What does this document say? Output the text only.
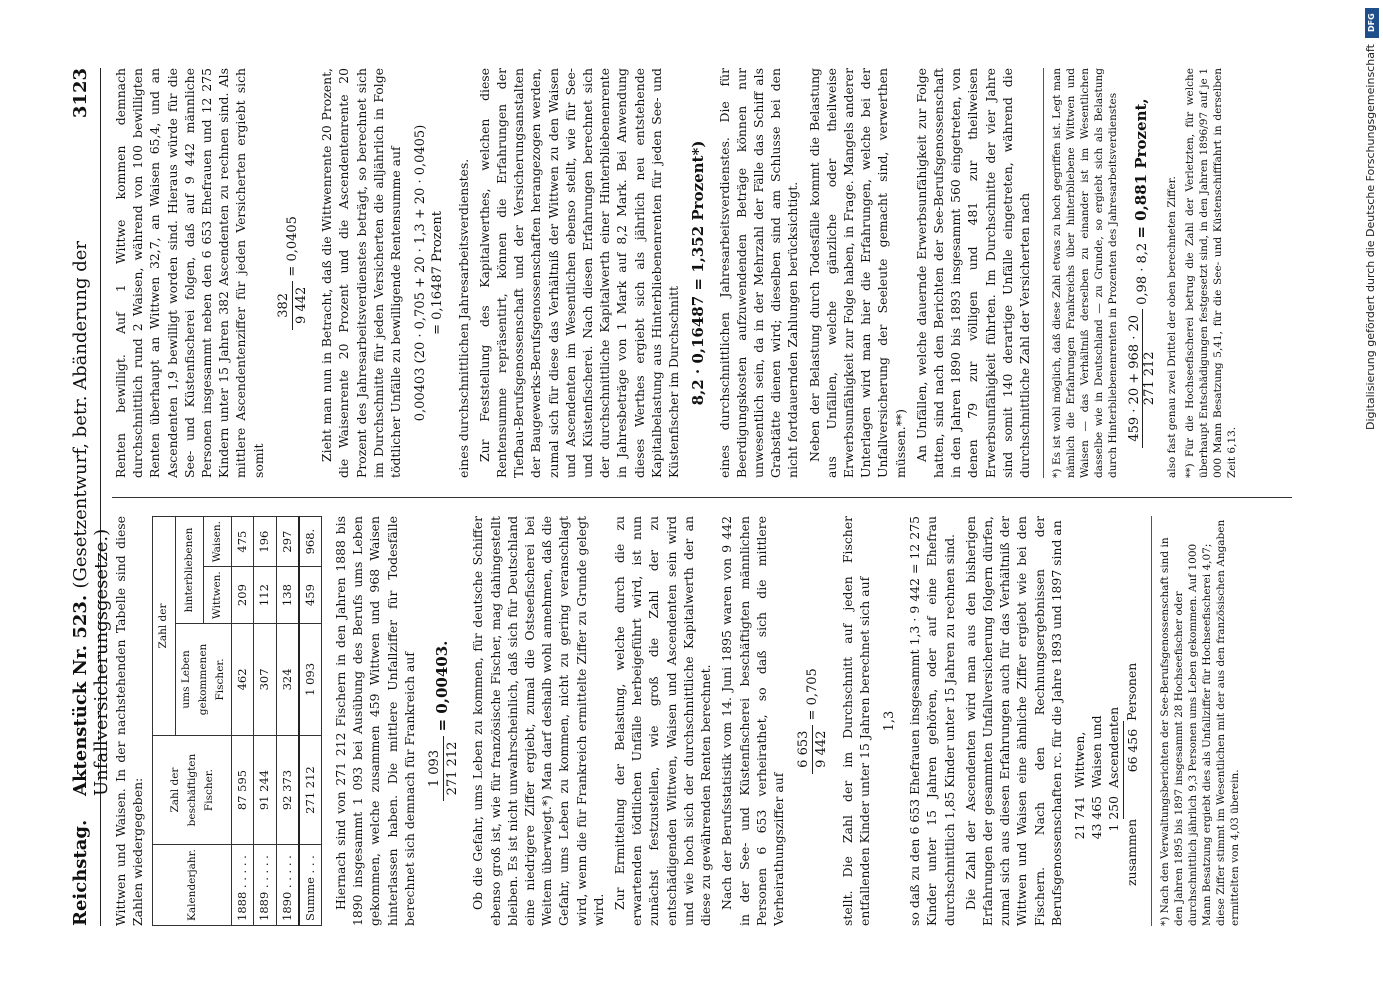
Reichstag.
Aktenstück Nr. 523. (Gesetzentwurf, betr. Abänderung der Unfallversicherungsgesetze.)
3123

Wittwen und Waisen. In der nachstehenden Tabelle sind diese Zahlen wiedergegeben:	Kalenderjahr.	Zahl der beschäftigten Fischer.	Zahl der		
		ums Leben gekommenen Fischer.	hinterbliebenen	
			Wittwen.	Waisen.
1888 . . . . .	87 595	462	209	475
1889 . . . . .	91 244	307	112	196
1890 . . . . .	92 373	324	138	297
Summe . . .	271 212	1 093	459	968. Hiernach sind von 271 212 Fischern in den Jahren 1888 bis 1890 insgesammt 1 093 bei Ausübung des Berufs ums Leben gekommen, welche zusammen 459 Wittwen und 968 Waisen hinterlassen haben. Die mittlere Unfallziffer für Todesfälle berechnet sich demnach für Frankreich auf 1 093 271 212
= 0,00403.	Ob die Gefahr, ums Leben zu kommen, für deutsche Schiffer ebenso groß ist, wie für französische Fischer, mag dahingestellt bleiben. Es ist nicht unwahrscheinlich, daß sich für Deutschland eine niedrigere Ziffer ergiebt, zumal die Ostseefischerei bei Weitem überwiegt.*) Man darf deshalb wohl annehmen, daß die Gefahr, ums Leben zu kommen, nicht zu gering veranschlagt wird, wenn die für Frankreich ermittelte Ziffer zu Grunde gelegt wird. Zur Ermittelung der Belastung, welche durch die zu erwartenden tödtlichen Unfälle herbeigeführt wird, ist nun zunächst festzustellen, wie groß die Zahl der zu entschädigenden Wittwen, Waisen und Ascendenten sein wird und wie hoch sich der durchschnittliche Kapitalwerth der an diese zu gewährenden Renten berechnet. Nach der Berufsstatistik vom 14. Juni 1895 waren von 9 442 in der See- und Küstenfischerei beschäftigten männlichen Personen 6 653 verheirathet, so daß sich die mittlere Verheirathungsziffer auf

6 653 9 442
= 0,705	stellt. Die Zahl der im Durchschnitt auf jeden Fischer entfallenden Kinder unter 15 Jahren berechnet sich auf 1,3 so daß zu den 6 653 Ehefrauen insgesammt 1,3 · 9 442 = 12 275 Kinder unter 15 Jahren gehören, oder auf eine Ehefrau durchschnittlich 1,85 Kinder unter 15 Jahren zu rechnen sind. Die Zahl der Ascendenten wird man aus den bisherigen Erfahrungen der gesammten Unfallversicherung folgern dürfen, zumal sich aus diesen Erfahrungen auch für das Verhältniß der Wittwen und Waisen eine ähnliche Ziffer ergiebt wie bei den Fischern. Nach den Rechnungsergebnissen der Berufsgenossenschaften rc. für die Jahre 1893 und 1897 sind an 21 741
Wittwen,
43 465
Waisen und
1 250
Ascendenten
zusammen
66 456
Personen	*) Nach den Verwaltungsberichten der See-Berufsgenossenschaft sind in den Jahren 1895 bis 1897 insgesammt 28 Hochseefischer oder durchschnittlich jährlich 9,3 Personen ums Leben gekommen. Auf 1000 Mann Besatzung ergiebt dies als Unfallziffer für Hochseefischerei 4,07; diese Ziffer stimmt im Wesentlichen mit der aus den französischen Angaben ermittelten von 4,03 überein.

Renten bewilligt. Auf 1 Wittwe kommen demnach durchschnittlich rund 2 Waisen, während von 100 bewilligten Renten überhaupt an Wittwen 32,7, an Waisen 65,4, und an Ascendenten 1,9 bewilligt worden sind. Hieraus würde für die See- und Küstenfischerei folgen, daß auf 9 442 männliche Personen insgesammt neben den 6 653 Ehefrauen und 12 275 Kindern unter 15 Jahren 382 Ascendenten zu rechnen sind. Als mittlere Ascendentenziffer für jeden Versicherten ergiebt sich somit

382 9 442
= 0,0405	Zieht man nun in Betracht, daß die Wittwenrente 20 Prozent, die Waisenrente 20 Prozent und die Ascendentenrente 20 Prozent des Jahresarbeitsverdienstes beträgt, so berechnet sich im Durchschnitte für jeden Versicherten die alljährlich in Folge tödtlicher Unfälle zu bewilligende Rentensumme auf 0,00403 (20 · 0,705 + 20 · 1,3 + 20 · 0,0405) = 0,16487 Prozent eines durchschnittlichen Jahresarbeitsverdienstes. Zur Feststellung des Kapitalwerthes, welchen diese Rentensumme repräsentirt, können die Erfahrungen der Tiefbau-Berufsgenossenschaft und der Versicherungsanstalten der Baugewerks-Berufsgenossenschaften herangezogen werden, zumal sich für diese das Verhältniß der Wittwen zu den Waisen und Ascendenten im Wesentlichen ebenso stellt, wie für See- und Küstenfischerei. Nach diesen Erfahrungen berechnet sich der durchschnittliche Kapitalwerth einer Hinterbliebenenrente in Jahresbeträge von 1 Mark auf 8,2 Mark. Bei Anwendung dieses Werthes ergiebt sich als jährlich neu entstehende Kapitalbelastung aus Hinterbliebenenrenten für jeden See- und Küstenfischer im Durchschnitt 8,2 · 0,16487 = 1,352 Prozent*) eines durchschnittlichen Jahresarbeitsverdienstes. Die für Beerdigungskosten aufzuwendenden Beträge können nur unwesentlich sein, da in der Mehrzahl der Fälle das Schiff als Grabstätte dienen wird; dieselben sind am Schlusse bei den nicht fortdauernden Zahlungen berücksichtigt. Neben der Belastung durch Todesfälle kommt die Belastung aus Unfällen, welche gänzliche oder theilweise Erwerbsunfähigkeit zur Folge haben, in Frage. Mangels anderer Unterlagen wird man hier die Erfahrungen, welche bei der Unfallversicherung der Seeleute gemacht sind, verwerthen müssen.**) An Unfällen, welche dauernde Erwerbsunfähigkeit zur Folge hatten, sind nach den Berichten der See-Berufsgenossenschaft in den Jahren 1890 bis 1893 insgesammt 560 eingetreten, von denen 79 zur völligen und 481 zur theilweisen Erwerbsunfähigkeit führten. Im Durchschnitte der vier Jahre sind somit 140 derartige Unfälle eingetreten, während die durchschnittliche Zahl der Versicherten nach *) Es ist wohl möglich, daß diese Zahl etwas zu hoch gegriffen ist. Legt man nämlich die Erfahrungen Frankreichs über hinterbliebene Wittwen und Waisen — das Verhältniß derselben zu einander ist im Wesentlichen dasselbe wie in Deutschland — zu Grunde, so ergiebt sich als Belastung durch Hinterbliebenenrenten in Prozenten des Jahresarbeitsverdienstes 459 · 20 + 968 · 20 271 212
0,98 · 8,2 = 0,881 Prozent,

also fast genau zwei Drittel der oben berechneten Ziffer. **) Für die Hochseefischerei betrug die Zahl der Verletzten, für welche überhaupt Entschädigungen festgesetzt sind, in den Jahren 1896/97 auf je 1 000 Mann Besatzung 5,41, für die See- und Küstenschifffahrt in derselben Zeit 6,13.

DFG
Digitalisierung gefördert durch die Deutsche Forschungsgemeinschaft
